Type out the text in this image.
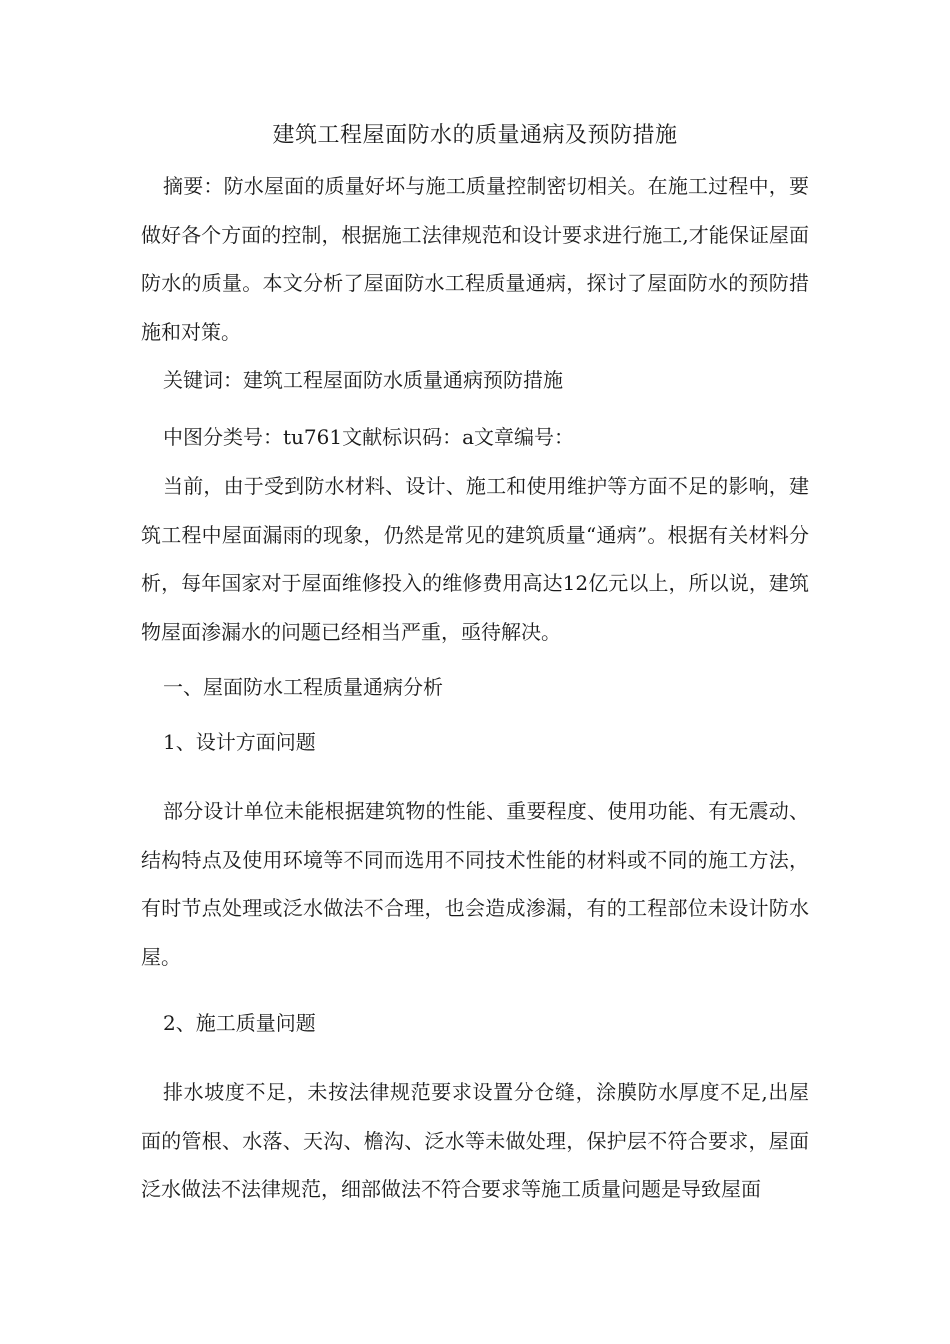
建筑工程屋面防水的质量通病及预防措施

摘要：防水屋面的质量好坏与施工质量控制密切相关。在施工过程中，要做好各个方面的控制，根据施工法律规范和设计要求进行施工,才能保证屋面防水的质量。本文分析了屋面防水工程质量通病，探讨了屋面防水的预防措施和对策。

关键词：建筑工程屋面防水质量通病预防措施

中图分类号：tu761文献标识码：a文章编号：

当前，由于受到防水材料、设计、施工和使用维护等方面不足的影响，建筑工程中屋面漏雨的现象，仍然是常见的建筑质量“通病”。根据有关材料分析，每年国家对于屋面维修投入的维修费用高达12亿元以上，所以说，建筑物屋面渗漏水的问题已经相当严重，亟待解决。

一、屋面防水工程质量通病分析

1、设计方面问题

部分设计单位未能根据建筑物的性能、重要程度、使用功能、有无震动、结构特点及使用环境等不同而选用不同技术性能的材料或不同的施工方法，有时节点处理或泛水做法不合理，也会造成渗漏，有的工程部位未设计防水屋。

2、施工质量问题

排水坡度不足，未按法律规范要求设置分仓缝，涂膜防水厚度不足,出屋面的管根、水落、天沟、檐沟、泛水等未做处理，保护层不符合要求，屋面泛水做法不法律规范，细部做法不符合要求等施工质量问题是导致屋面
